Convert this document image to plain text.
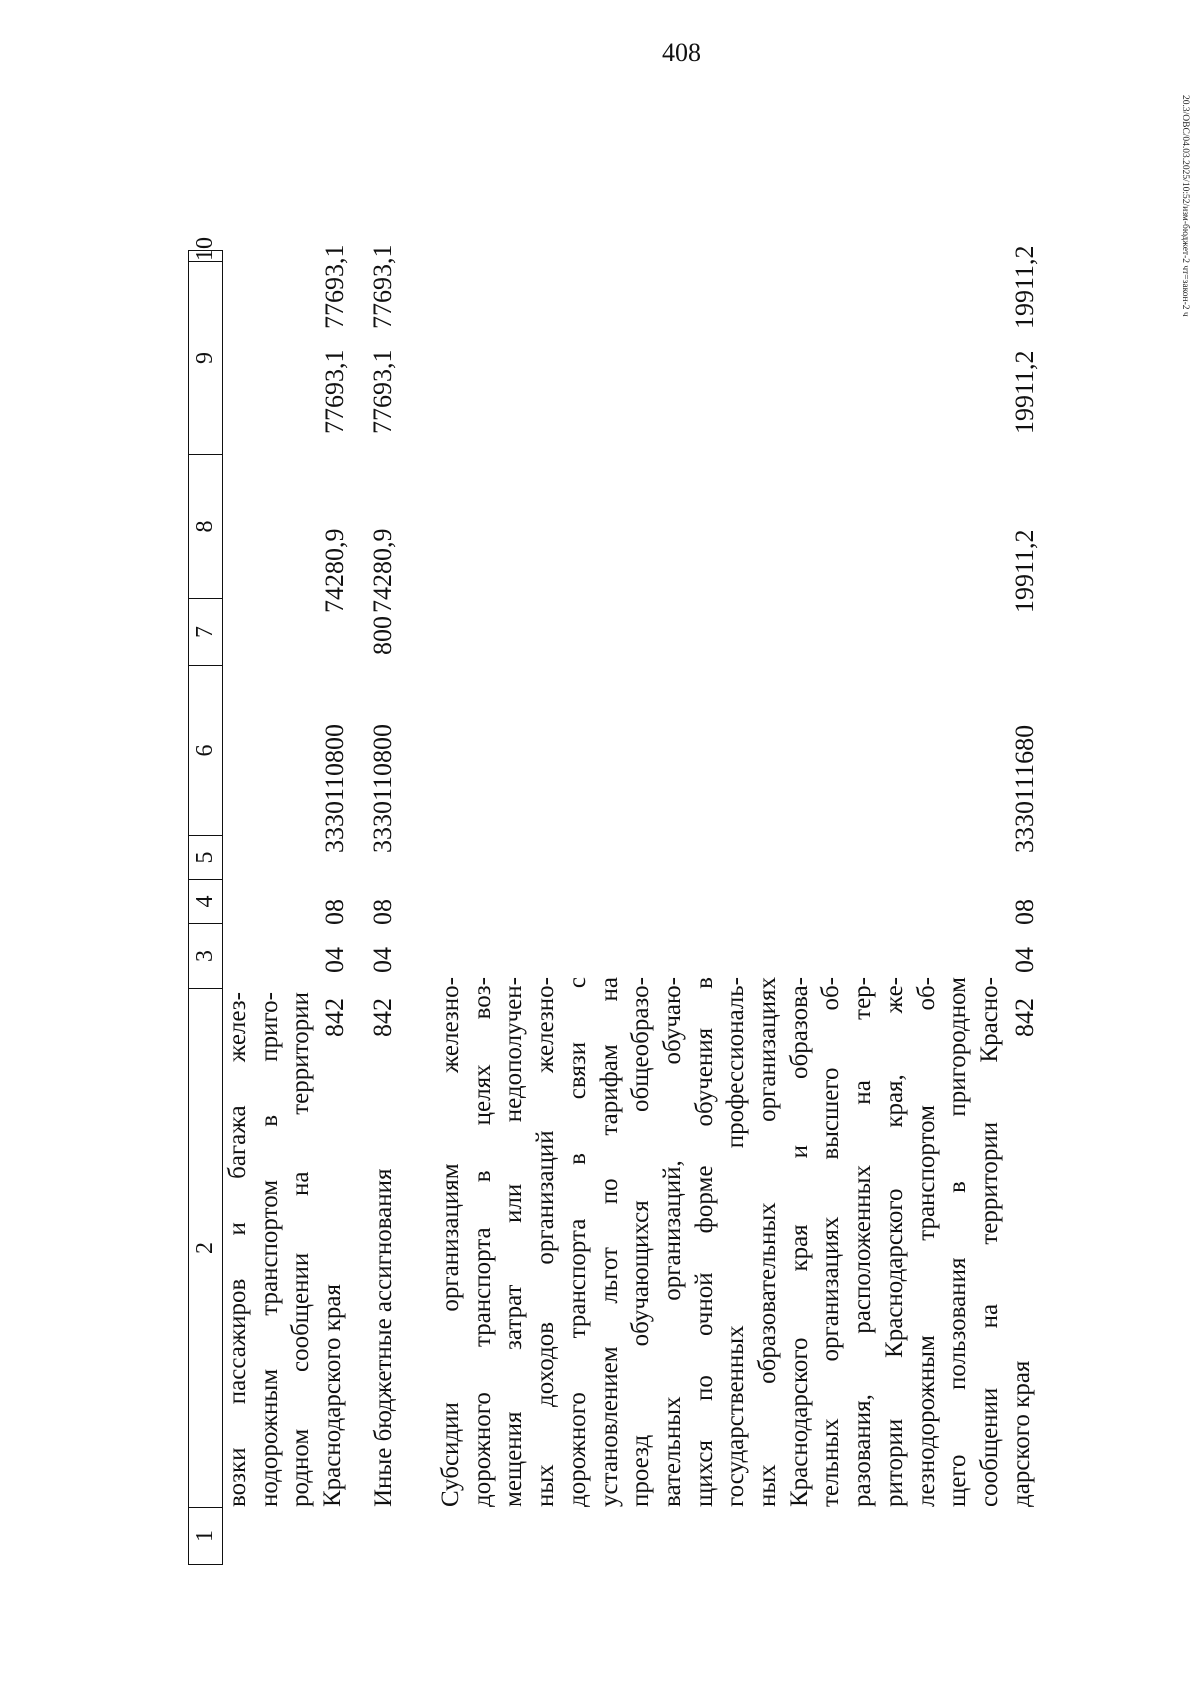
408
20.3/ОВС/04.03.2025/10:52/изм-бюджет-2 чт=закон-2 ч
1
2
3
4
5
6
7
8
9
10
возки пассажиров и багажа желез- нодорожным транспортом в приго- родном сообщении на территории Краснодарского края Иные бюджетные ассигнования Субсидии организациям железно- дорожного транспорта в целях воз- мещения затрат или недополучен- ных доходов организаций железно- дорожного транспорта в связи с установлением льгот по тарифам на проезд обучающихся общеобразо- вательных организаций, обучаю- щихся по очной форме обучения в государственных профессиональ- ных образовательных организациях Краснодарского края и образова- тельных организациях высшего об- разования, расположенных на тер- ритории Краснодарского края, же- лезнодорожным транспортом об- щего пользования в пригородном сообщении на территории Красно- дарского края
842
04
08
3330110800
74280,9
77693,1
77693,1
842
04
08
3330110800
800
74280,9
77693,1
77693,1
842
04
08
3330111680
19911,2
19911,2
19911,2
